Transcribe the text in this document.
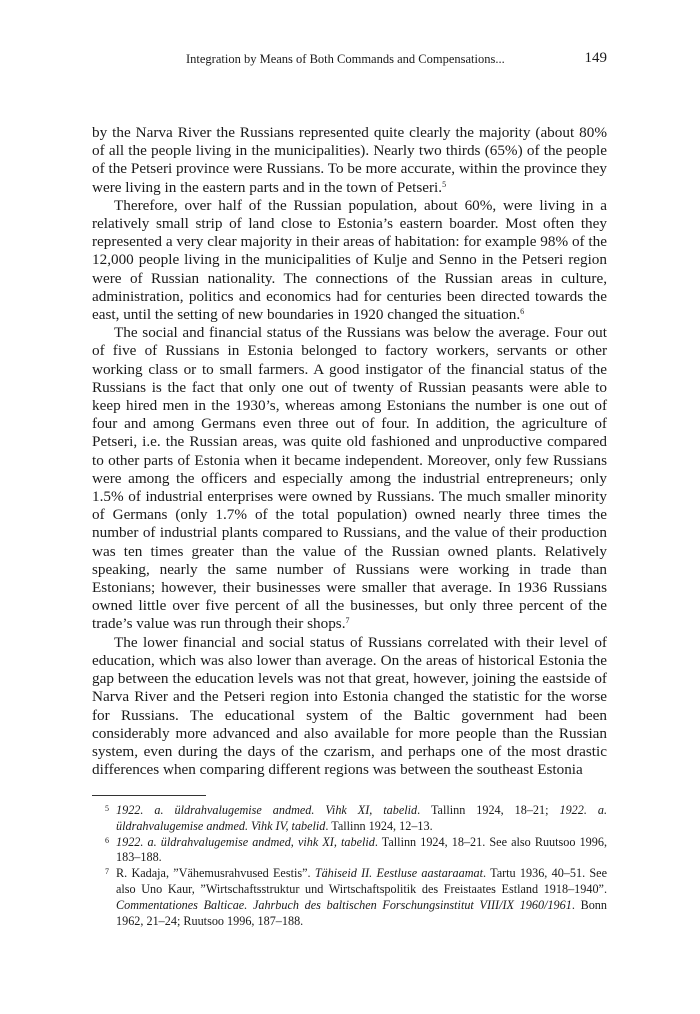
Integration by Means of Both Commands and Compensations...	149

by the Narva River the Russians represented quite clearly the majority (about 80% of all the people living in the municipalities). Nearly two thirds (65%) of the people of the Petseri province were Russians. To be more accurate, within the province they were living in the eastern parts and in the town of Petseri.$^5$

Therefore, over half of the Russian population, about 60%, were living in a relatively small strip of land close to Estonia’s eastern boarder. Most often they represented a very clear majority in their areas of habitation: for example 98% of the 12,000 people living in the municipalities of Kulje and Senno in the Petseri region were of Russian nationality. The connections of the Russian areas in culture, administration, politics and economics had for centuries been directed towards the east, until the setting of new boundaries in 1920 changed the situation.$^6$

The social and financial status of the Russians was below the average. Four out of five of Russians in Estonia belonged to factory workers, servants or other working class or to small farmers. A good instigator of the financial status of the Russians is the fact that only one out of twenty of Russian peasants were able to keep hired men in the 1930’s, whereas among Estonians the number is one out of four and among Germans even three out of four. In addition, the agriculture of Petseri, i.e. the Russian areas, was quite old fashioned and unproductive compared to other parts of Estonia when it became independent. Moreover, only few Russians were among the officers and especially among the industrial entrepreneurs; only 1.5% of industrial enterprises were owned by Russians. The much smaller minority of Germans (only 1.7% of the total population) owned nearly three times the number of industrial plants compared to Russians, and the value of their production was ten times greater than the value of the Russian owned plants. Relatively speaking, nearly the same number of Russians were working in trade than Estonians; however, their businesses were smaller that average. In 1936 Russians owned little over five percent of all the businesses, but only three percent of the trade’s value was run through their shops.$^7$

The lower financial and social status of Russians correlated with their level of education, which was also lower than average. On the areas of historical Estonia the gap between the education levels was not that great, however, joining the eastside of Narva River and the Petseri region into Estonia changed the statistic for the worse for Russians. The educational system of the Baltic government had been considerably more advanced and also available for more people than the Russian system, even during the days of the czarism, and perhaps one of the most drastic differences when comparing different regions was between the southeast Estonia

5 1922. a. üldrahvalugemise andmed. Vihk XI, tabelid. Tallinn 1924, 18–21; 1922. a. üldrahvalugemise andmed. Vihk IV, tabelid. Tallinn 1924, 12–13.
6 1922. a. üldrahvalugemise andmed, vihk XI, tabelid. Tallinn 1924, 18–21. See also Ruutsoo 1996, 183–188.
7 R. Kadaja, ”Vähemusrahvused Eestis”. Tähiseid II. Eestluse aastaraamat. Tartu 1936, 40–51. See also Uno Kaur, ”Wirtschaftsstruktur und Wirtschaftspolitik des Freistaates Estland 1918–1940”. Commentationes Balticae. Jahrbuch des baltischen Forschungsinstitut VIII/IX 1960/1961. Bonn 1962, 21–24; Ruutsoo 1996, 187–188.
